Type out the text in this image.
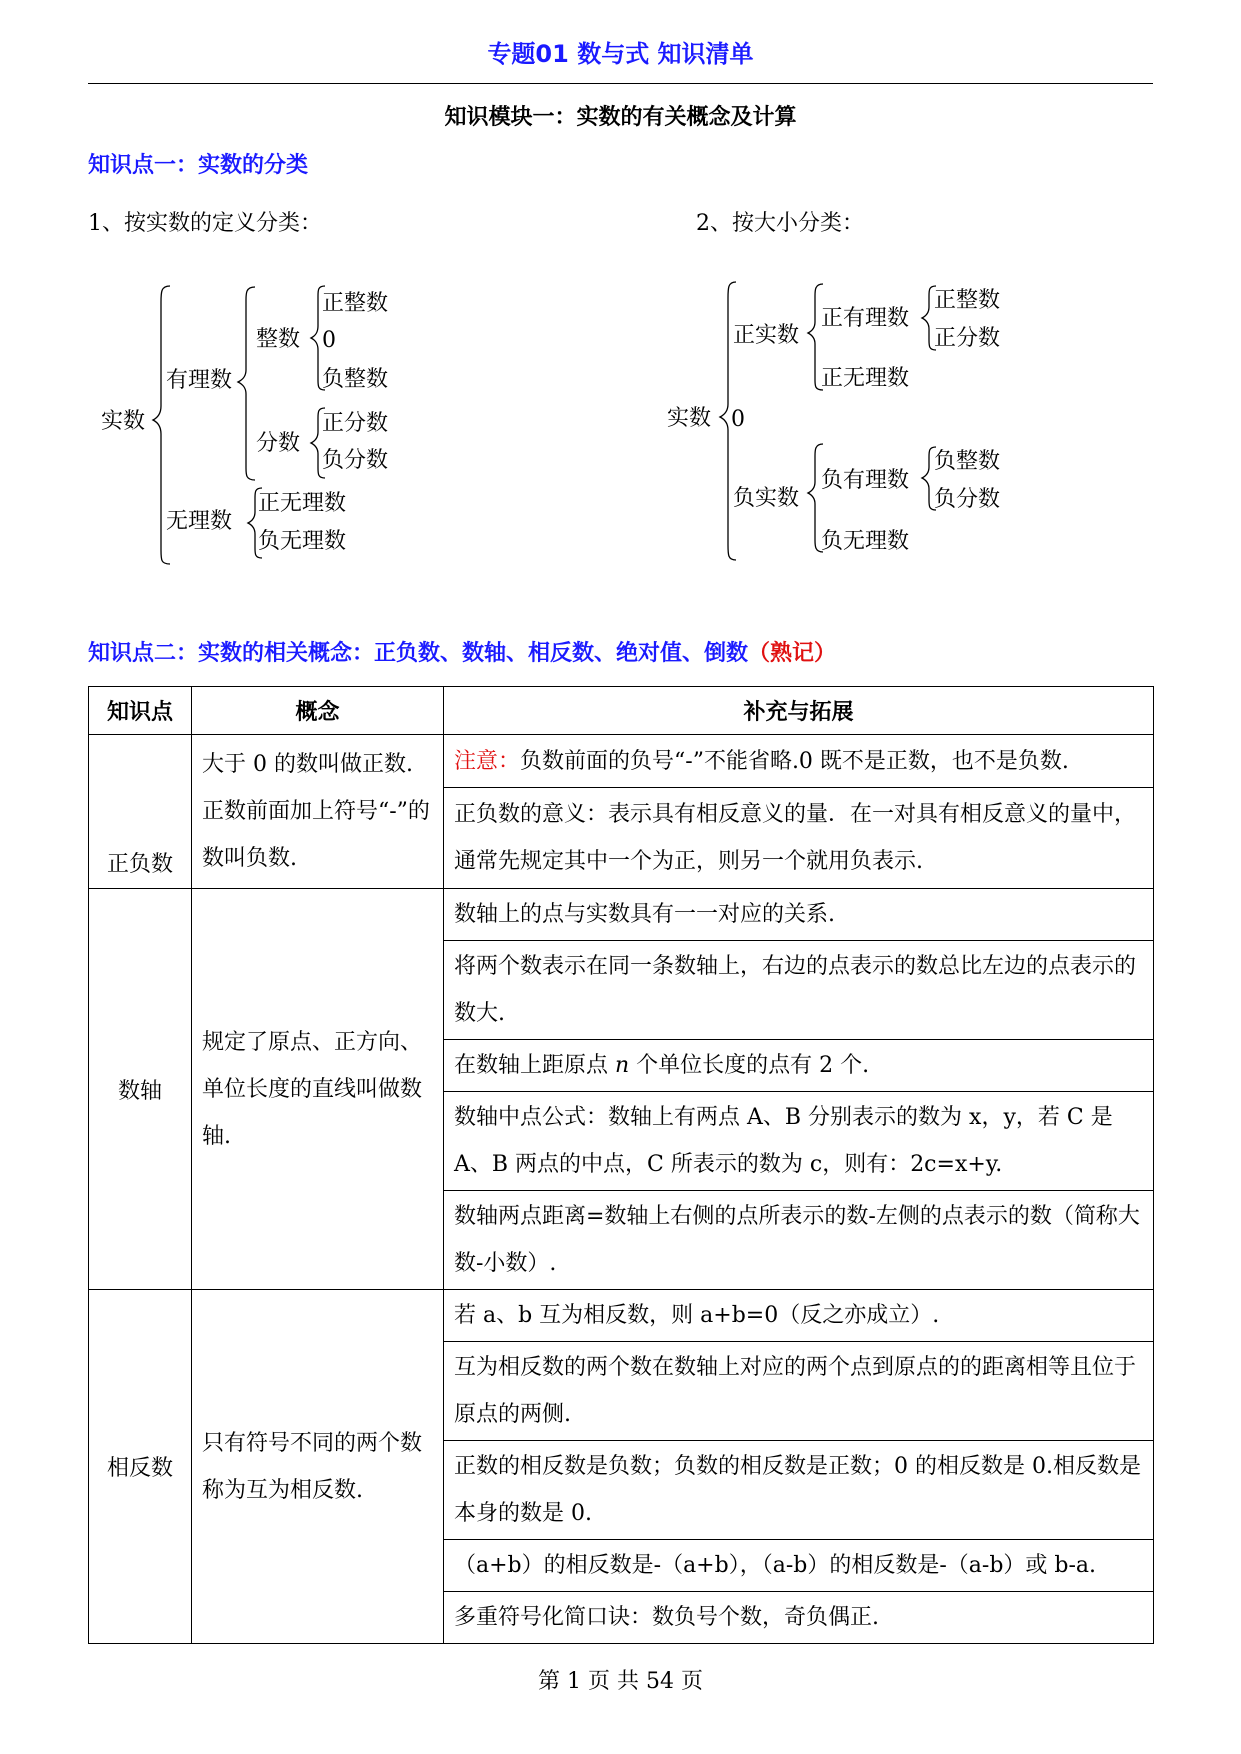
专题01 数与式 知识清单
知识模块一：实数的有关概念及计算
知识点一：实数的分类
1、按实数的定义分类：	2、按大小分类：
实数
有理数
整数
正整数
0
负整数
分数
正分数
负分数
无理数
正无理数
负无理数
实数
正实数
正有理数
正整数
正分数
正无理数
0
负实数
负有理数
负整数
负分数
负无理数
知识点二：实数的相关概念：正负数、数轴、相反数、绝对值、倒数（熟记）
知识点	概念	补充与拓展
正负数	大于 0 的数叫做正数. 正数前面加上符号“-”的数叫负数.	注意：负数前面的负号“-”不能省略.0 既不是正数，也不是负数.
		正负数的意义：表示具有相反意义的量．在一对具有相反意义的量中，通常先规定其中一个为正，则另一个就用负表示.
数轴	规定了原点、正方向、单位长度的直线叫做数轴.	数轴上的点与实数具有一一对应的关系.
		将两个数表示在同一条数轴上，右边的点表示的数总比左边的点表示的数大.
		在数轴上距原点 n 个单位长度的点有 2 个.
		数轴中点公式：数轴上有两点 A、B 分别表示的数为 x，y，若 C 是 A、B 两点的中点，C 所表示的数为 c，则有：2c=x+y.
		数轴两点距离=数轴上右侧的点所表示的数-左侧的点表示的数（简称大数-小数）.
相反数	只有符号不同的两个数称为互为相反数.	若 a、b 互为相反数，则 a+b=0（反之亦成立）.
		互为相反数的两个数在数轴上对应的两个点到原点的的距离相等且位于原点的两侧.
		正数的相反数是负数；负数的相反数是正数；0 的相反数是 0.相反数是本身的数是 0.
		（a+b）的相反数是-（a+b），（a-b）的相反数是-（a-b）或 b-a.
		多重符号化简口诀：数负号个数，奇负偶正.
第 1 页 共 54 页
